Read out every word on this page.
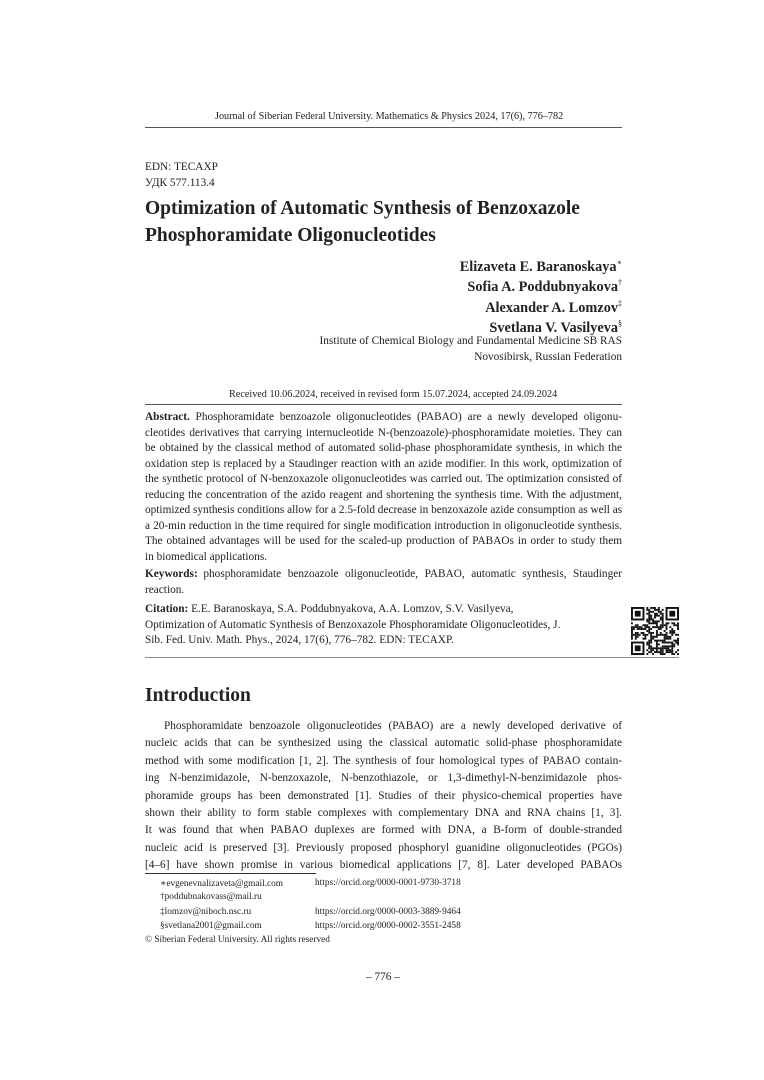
Journal of Siberian Federal University. Mathematics & Physics 2024, 17(6), 776–782
EDN: TECAXP
УДК 577.113.4
Optimization of Automatic Synthesis of Benzoxazole
Phosphoramidate Oligonucleotides
Elizaveta E. Baranoskaya∗
Sofia A. Poddubnyakova†
Alexander A. Lomzov‡
Svetlana V. Vasilyeva§
Institute of Chemical Biology and Fundamental Medicine SB RAS
Novosibirsk, Russian Federation
Received 10.06.2024, received in revised form 15.07.2024, accepted 24.09.2024
Abstract.  Phosphoramidate benzoazole oligonucleotides (PABAO) are a newly developed oligonu-
cleotides derivatives that carrying internucleotide N-(benzoazole)-phosphoramidate moieties. They can
be obtained by the classical method of automated solid-phase phosphoramidate synthesis, in which the
oxidation step is replaced by a Staudinger reaction with an azide modifier. In this work, optimization of
the synthetic protocol of N-benzoxazole oligonucleotides was carried out. The optimization consisted of
reducing the concentration of the azido reagent and shortening the synthesis time. With the adjustment,
optimized synthesis conditions allow for a 2.5-fold decrease in benzoxazole azide consumption as well as
a 20-min reduction in the time required for single modification introduction in oligonucleotide synthesis.
The obtained advantages will be used for the scaled-up production of PABAOs in order to study them
in biomedical applications.
Keywords:  phosphoramidate benzoazole oligonucleotide, PABAO, automatic synthesis, Staudinger
reaction.
Citation: E.E. Baranoskaya, S.A. Poddubnyakova, A.A. Lomzov, S.V. Vasilyeva,
Optimization of Automatic Synthesis of Benzoxazole Phosphoramidate Oligonucleotides, J.
Sib. Fed. Univ. Math. Phys., 2024, 17(6), 776–782. EDN: TECAXP.
Introduction
Phosphoramidate benzoazole oligonucleotides (PABAO) are a newly developed derivative of
nucleic acids that can be synthesized using the classical automatic solid-phase phosphoramidate
method with some modification [1, 2]. The synthesis of four homological types of PABAO contain-
ing N-benzimidazole, N-benzoxazole, N-benzothiazole, or 1,3-dimethyl-N-benzimidazole phos-
phoramide groups has been demonstrated [1]. Studies of their physico-chemical properties have
shown their ability to form stable complexes with complementary DNA and RNA chains [1, 3].
It was found that when PABAO duplexes are formed with DNA, a B-form of double-stranded
nucleic acid is preserved [3]. Previously proposed phosphoryl guanidine oligonucleotides (PGOs)
[4–6] have shown promise in various biomedical applications [7, 8]. Later developed PABAOs
∗evgenevnalizaveta@gmail.com	https://orcid.org/0000-0001-9730-3718
†poddubnakovass@mail.ru
‡lomzov@niboch.nsc.ru	https://orcid.org/0000-0003-3889-9464
§svetlana2001@gmail.com	https://orcid.org/0000-0002-3551-2458
© Siberian Federal University. All rights reserved
– 776 –
